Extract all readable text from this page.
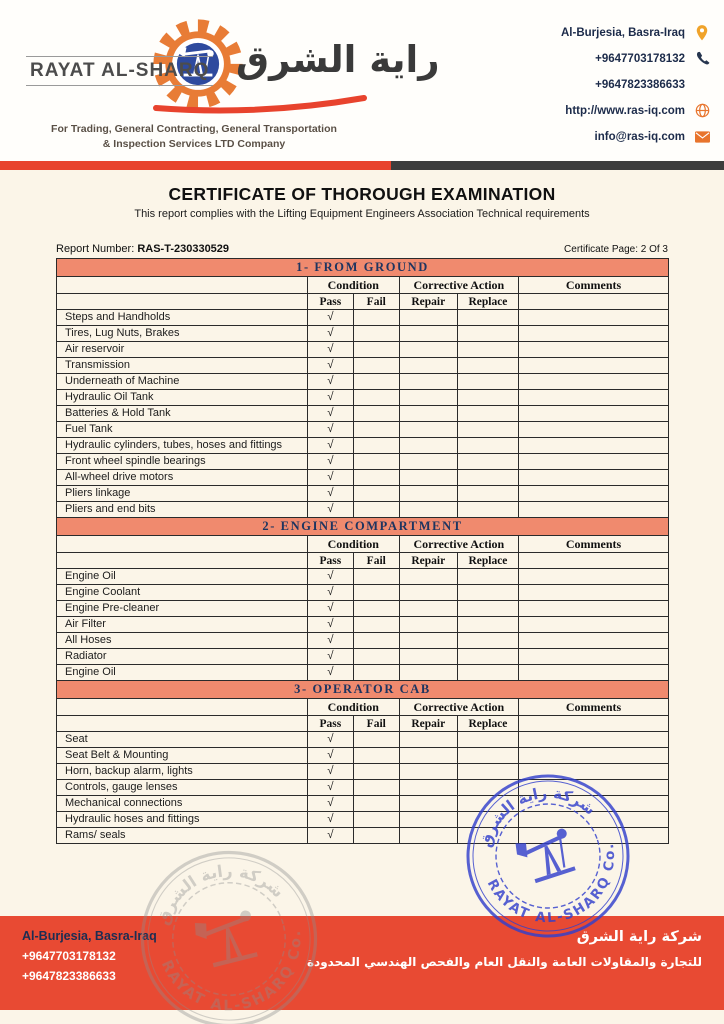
راية الشرق
RAYAT AL-SHARQ
For Trading, General Contracting, General Transportation
& Inspection Services LTD Company
Al-Burjesia, Basra-Iraq
+9647703178132
+9647823386633
http://www.ras-iq.com
info@ras-iq.com
CERTIFICATE OF THOROUGH EXAMINATION
This report complies with the Lifting Equipment Engineers Association Technical requirements
Report Number: RAS-T-230330529	Certificate Page: 2 Of 3
1- FROM GROUND					
	Condition		Corrective Action		Comments
	Pass	Fail	Repair	Replace	
Steps and Handholds	√				
Tires, Lug Nuts, Brakes	√				
Air reservoir	√				
Transmission	√				
Underneath of Machine	√				
Hydraulic Oil Tank	√				
Batteries & Hold Tank	√				
Fuel Tank	√				
Hydraulic cylinders, tubes, hoses and fittings	√				
Front wheel spindle bearings	√				
All-wheel drive motors	√				
Pliers linkage	√				
Pliers and end bits	√				
2- ENGINE COMPARTMENT					
	Condition		Corrective Action		Comments
	Pass	Fail	Repair	Replace	
Engine Oil	√				
Engine Coolant	√				
Engine Pre-cleaner	√				
Air Filter	√				
All Hoses	√				
Radiator	√				
Engine Oil	√				
3- OPERATOR CAB					
	Condition		Corrective Action		Comments
	Pass	Fail	Repair	Replace	
Seat	√				
Seat Belt & Mounting	√				
Horn, backup alarm, lights	√				
Controls, gauge lenses	√				
Mechanical connections	√				
Hydraulic hoses and fittings	√				
Rams/ seals	√					شركة راية الشرق
RAYAT AL-SHARQ Co.
شركة راية الشرق
RAYAT AL-SHARQ Co.
Al-Burjesia, Basra-Iraq
+9647703178132
+9647823386633
شركة راية الشرق
للتجارة والمقاولات العامة والنقل العام والفحص الهندسي المحدودة
